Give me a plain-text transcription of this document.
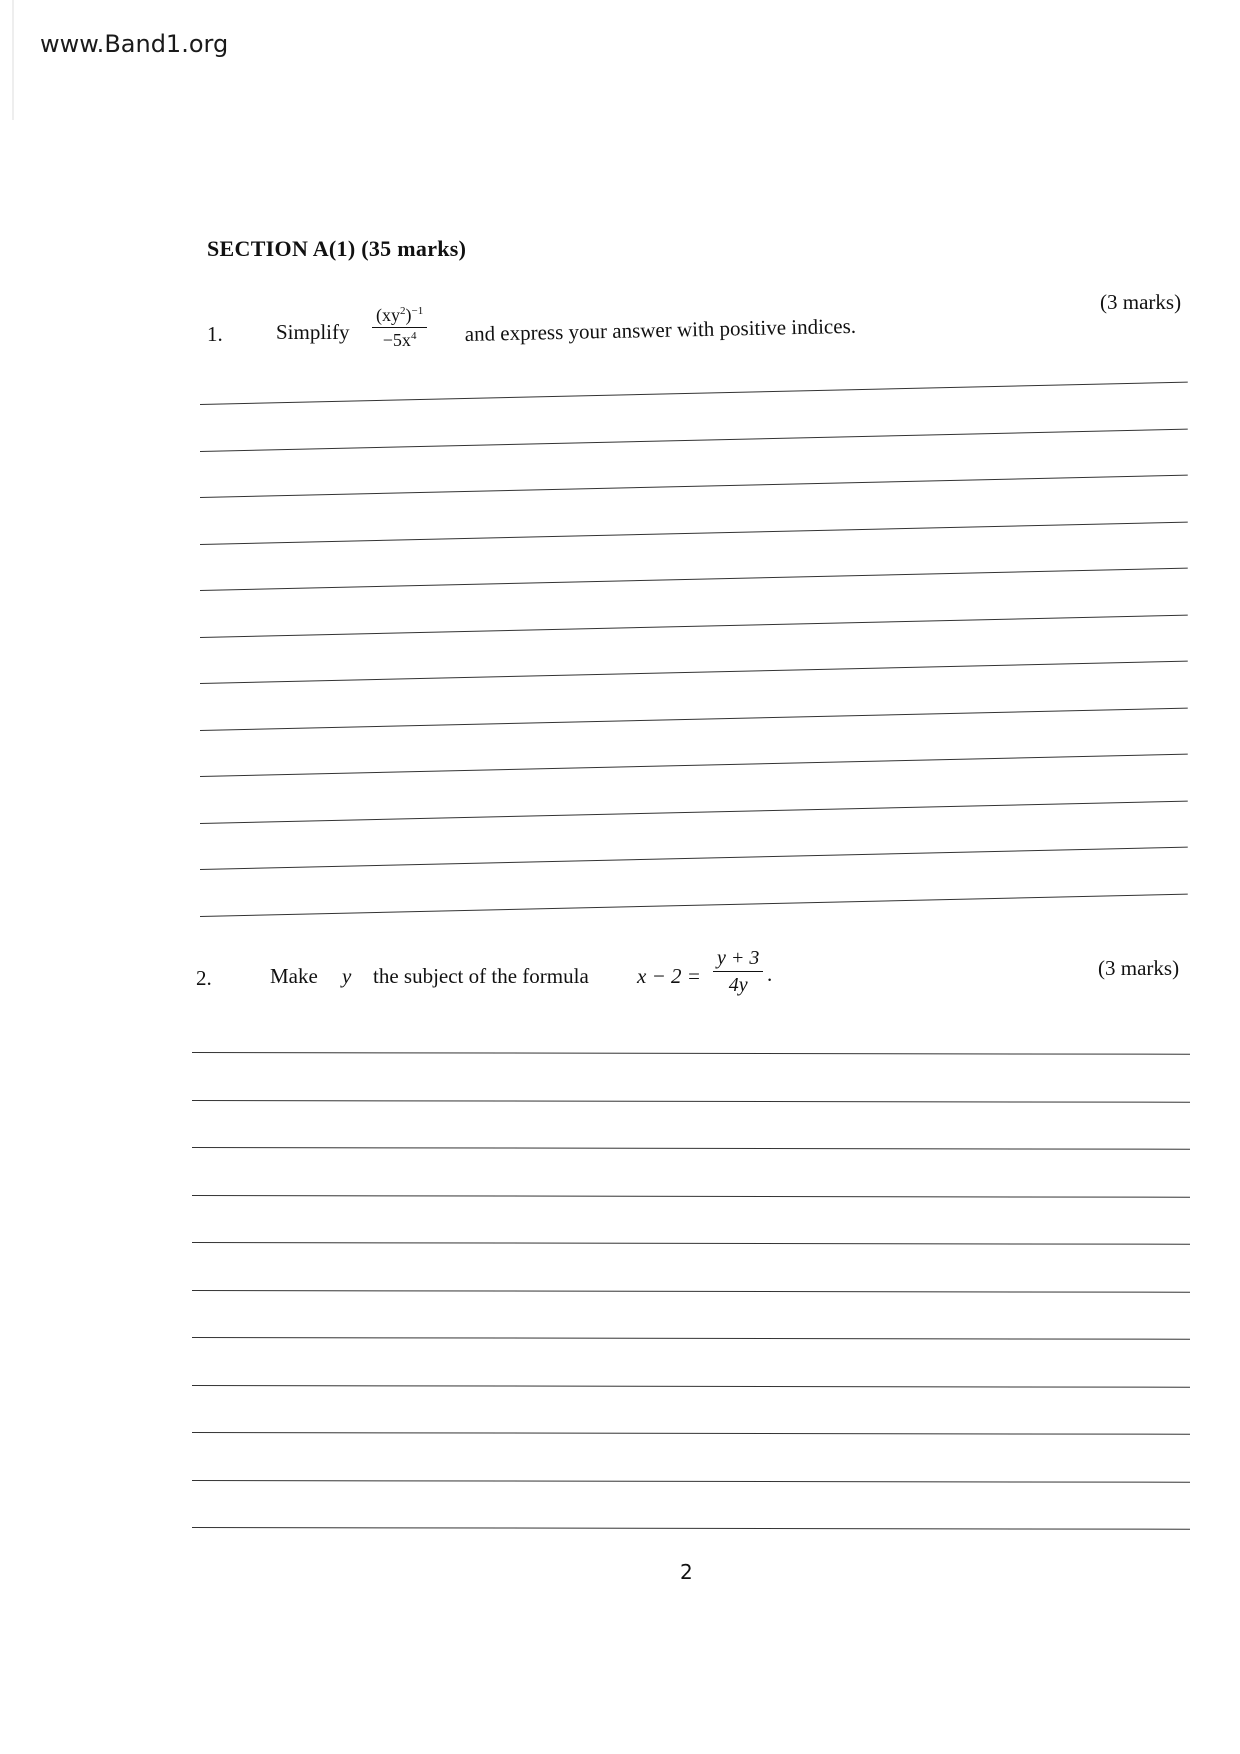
www.Band1.org
SECTION A(1) (35 marks)
1.	Simplify $\frac{(xy^2)^{-1}}{-5x^4}$ and express your answer with positive indices.
(3 marks)
2.	Make y the subject of the formula $x - 2 = \frac{y + 3}{4y}$ .	(3 marks)
2
